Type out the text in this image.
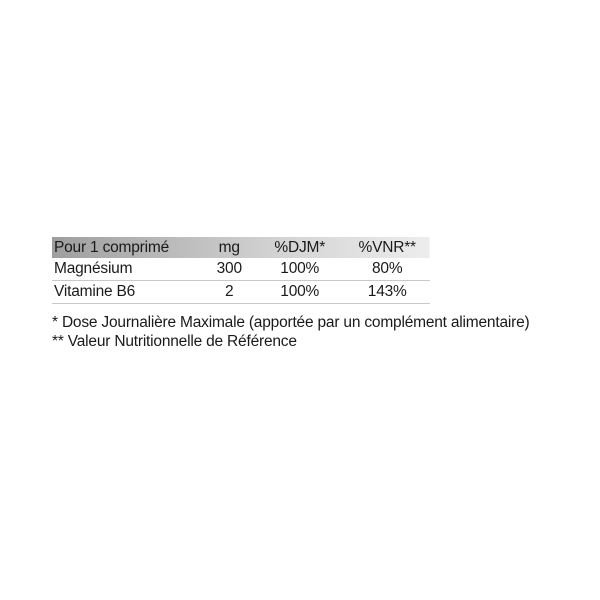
Pour 1 comprimé	mg	%DJM*	%VNR**
Magnésium	300	100%	80%
Vitamine B6	2	100%	143%
* Dose Journalière Maximale (apportée par un complément alimentaire)
** Valeur Nutritionnelle de Référence
